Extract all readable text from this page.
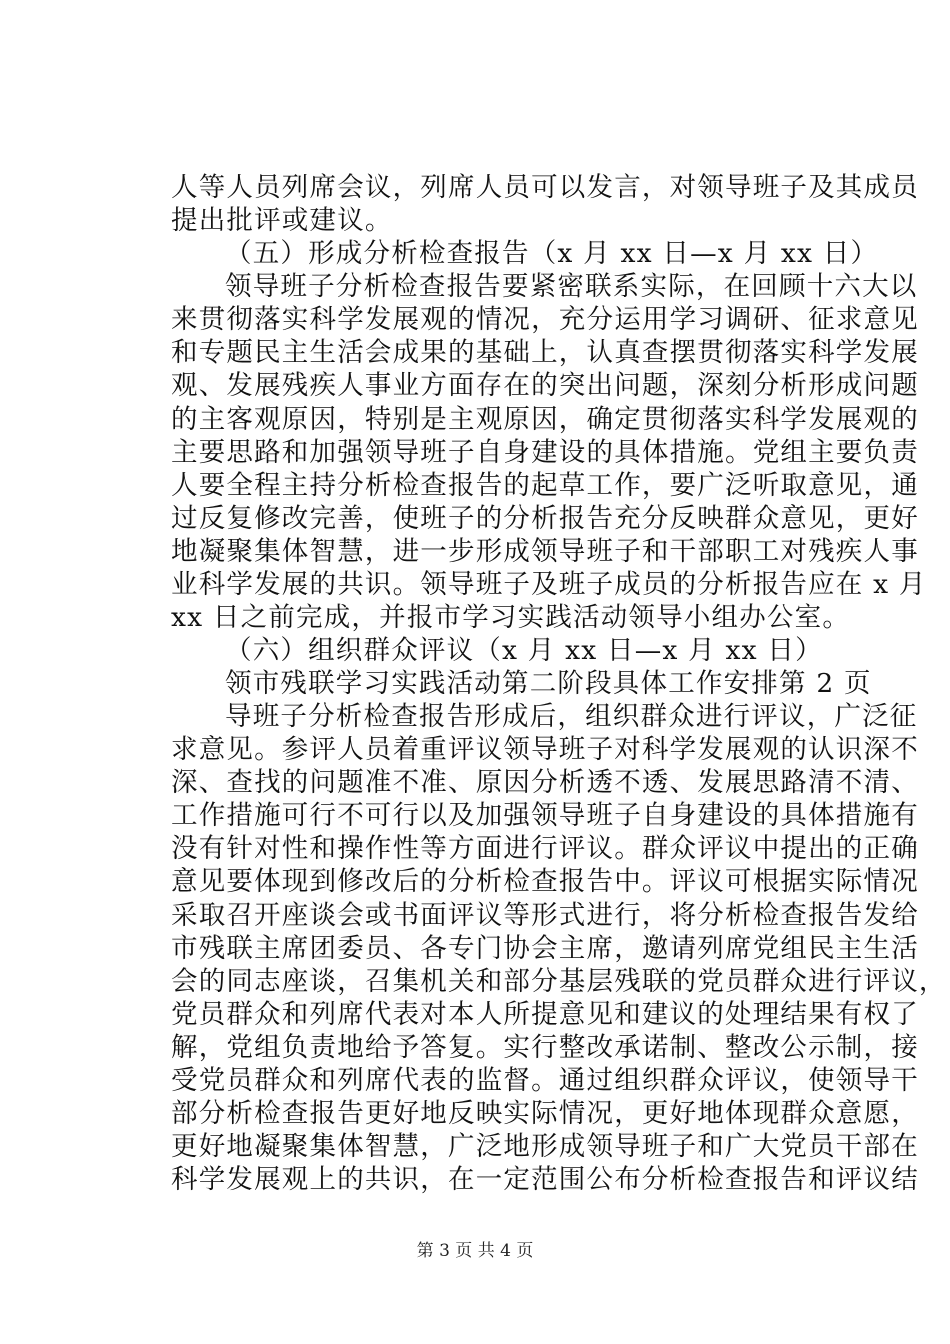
人等人员列席会议，列席人员可以发言，对领导班子及其成员
提出批评或建议。
（五）形成分析检查报告（x 月 xx 日—x 月 xx 日）
领导班子分析检查报告要紧密联系实际，在回顾十六大以
来贯彻落实科学发展观的情况，充分运用学习调研、征求意见
和专题民主生活会成果的基础上，认真查摆贯彻落实科学发展
观、发展残疾人事业方面存在的突出问题，深刻分析形成问题
的主客观原因，特别是主观原因，确定贯彻落实科学发展观的
主要思路和加强领导班子自身建设的具体措施。党组主要负责
人要全程主持分析检查报告的起草工作，要广泛听取意见，通
过反复修改完善，使班子的分析报告充分反映群众意见，更好
地凝聚集体智慧，进一步形成领导班子和干部职工对残疾人事
业科学发展的共识。领导班子及班子成员的分析报告应在 x 月
xx 日之前完成，并报市学习实践活动领导小组办公室。
（六）组织群众评议（x 月 xx 日—x 月 xx 日）
领市残联学习实践活动第二阶段具体工作安排第 2 页
导班子分析检查报告形成后，组织群众进行评议，广泛征
求意见。参评人员着重评议领导班子对科学发展观的认识深不
深、查找的问题准不准、原因分析透不透、发展思路清不清、
工作措施可行不可行以及加强领导班子自身建设的具体措施有
没有针对性和操作性等方面进行评议。群众评议中提出的正确
意见要体现到修改后的分析检查报告中。评议可根据实际情况
采取召开座谈会或书面评议等形式进行，将分析检查报告发给
市残联主席团委员、各专门协会主席，邀请列席党组民主生活
会的同志座谈，召集机关和部分基层残联的党员群众进行评议，
党员群众和列席代表对本人所提意见和建议的处理结果有权了
解，党组负责地给予答复。实行整改承诺制、整改公示制，接
受党员群众和列席代表的监督。通过组织群众评议，使领导干
部分析检查报告更好地反映实际情况，更好地体现群众意愿，
更好地凝聚集体智慧，广泛地形成领导班子和广大党员干部在
科学发展观上的共识，在一定范围公布分析检查报告和评议结
第 3 页 共 4 页
